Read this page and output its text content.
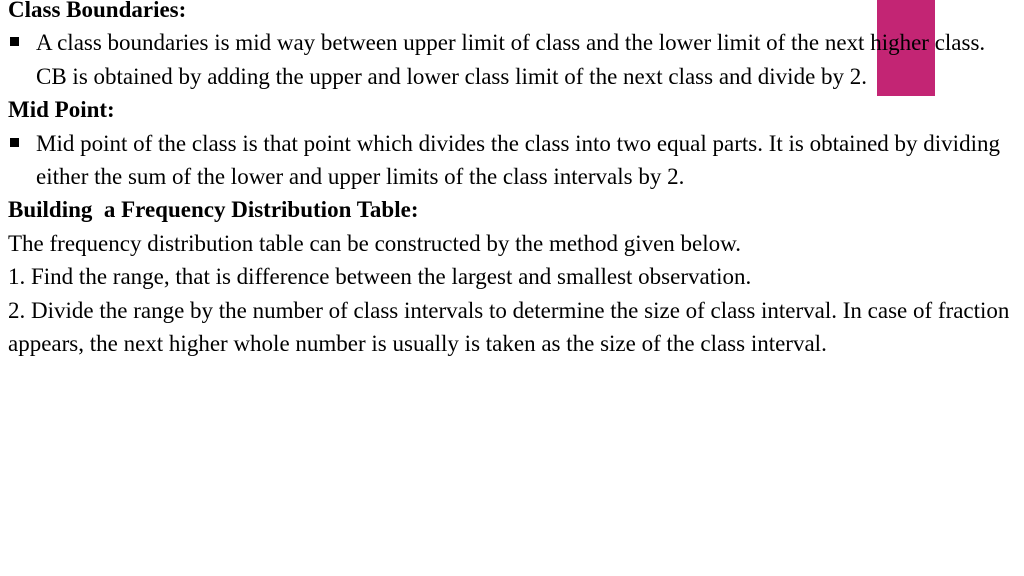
Class Boundaries:

A class boundaries is mid way between upper limit of class and the lower limit of the next higher class. CB is obtained by adding the upper and lower class limit of the next class and divide by 2.

Mid Point:

Mid point of the class is that point which divides the class into two equal parts. It is obtained by dividing either the sum of the lower and upper limits of the class intervals by 2.

Building  a Frequency Distribution Table:

The frequency distribution table can be constructed by the method given below.

1. Find the range, that is difference between the largest and smallest observation.

2. Divide the range by the number of class intervals to determine the size of class interval. In case of fraction appears, the next higher whole number is usually is taken as the size of the class interval.
